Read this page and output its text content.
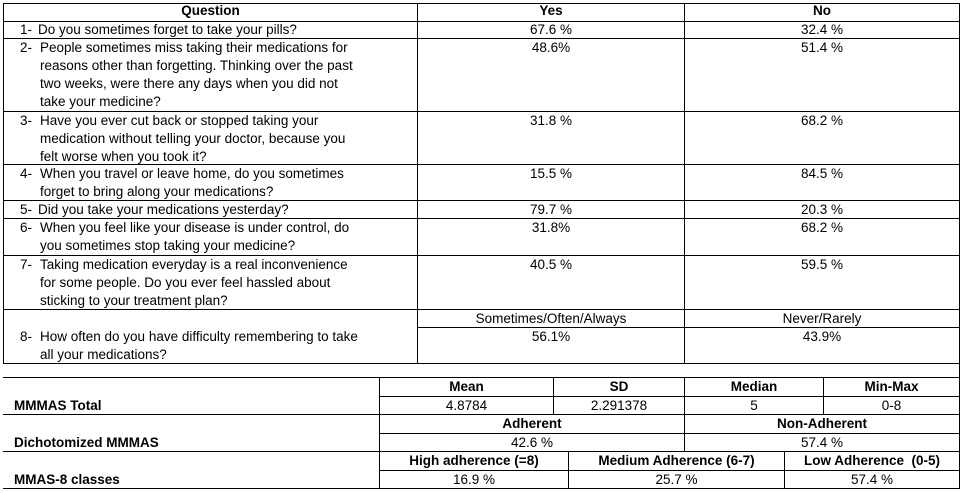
Question	Yes	No
1- Do you sometimes forget to take your pills?	67.6 %	32.4 %
2- People sometimes miss taking their medications for
reasons other than forgetting. Thinking over the past
two weeks, were there any days when you did not
take your medicine?
48.6%	51.4 %
3- Have you ever cut back or stopped taking your
medication without telling your doctor, because you
felt worse when you took it?
31.8 %	68.2 %
4- When you travel or leave home, do you sometimes
forget to bring along your medications?
15.5 %	84.5 %
5- Did you take your medications yesterday?	79.7 %	20.3 %
6- When you feel like your disease is under control, do
you sometimes stop taking your medicine?
31.8%	68.2 %
7- Taking medication everyday is a real inconvenience
for some people. Do you ever feel hassled about
sticking to your treatment plan?
40.5 %	59.5 %
Sometimes/Often/Always	Never/Rarely
8- How often do you have difficulty remembering to take
all your medications?
56.1%	43.9%
Mean	SD	Median	Min-Max
MMMAS Total	4.8784	2.291378	5	0-8
Adherent	Non-Adherent
Dichotomized MMMAS	42.6 %	57.4 %
High adherence (=8)	Medium Adherence (6-7)	Low Adherence  (0-5)
MMAS-8 classes	16.9 %	25.7 %	57.4 %
